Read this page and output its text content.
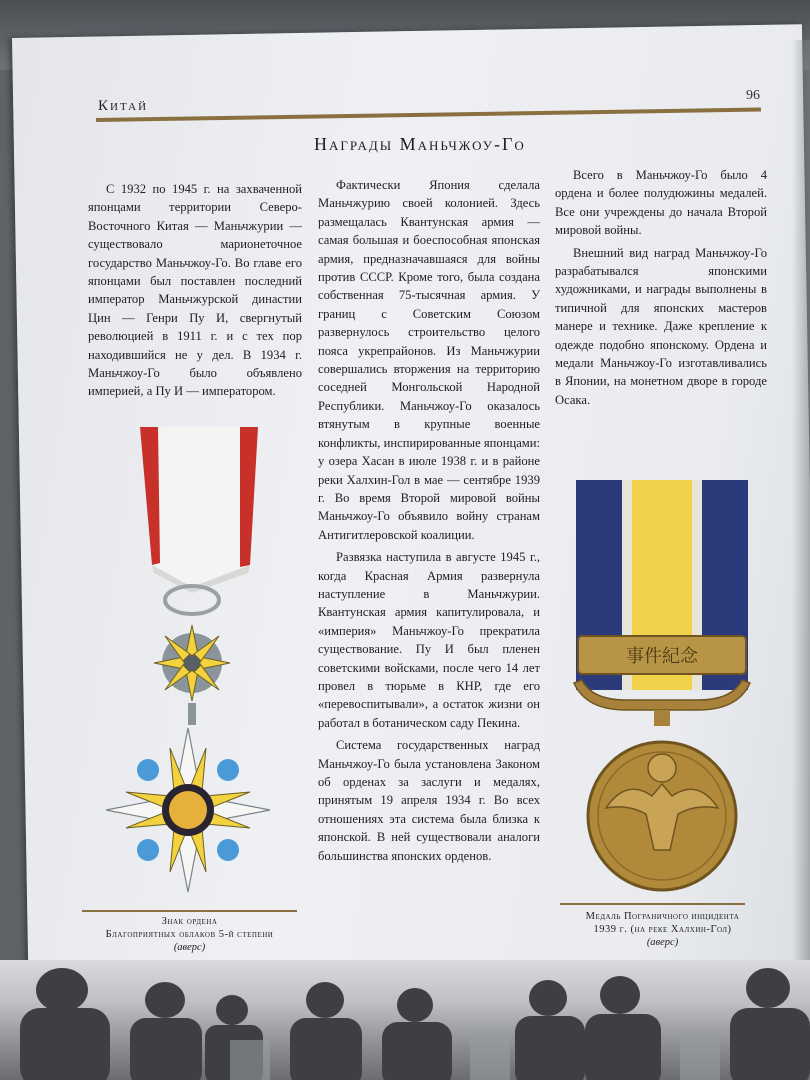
Китай
96
Награды Маньчжоу-Го

С 1932 по 1945 г. на захваченной японцами территории Северо-Восточного Китая — Маньчжурии — существовало марионеточное государство Маньчжоу-Го. Во главе его японцами был поставлен последний император Маньчжурской династии Цин — Генри Пу И, свергнутый революцией в 1911 г. и с тех пор находившийся не у дел. В 1934 г. Маньчжоу-Го было объявлено империей, а Пу И — императором.

Фактически Япония сделала Маньчжурию своей колонией. Здесь размещалась Квантунская армия — самая большая и боеспособная японская армия, предназначавшаяся для войны против СССР. Кроме того, была создана собственная 75-тысячная армия. У границ с Советским Союзом развернулось строительство целого пояса укрепрайонов. Из Маньчжурии совершались вторжения на территорию соседней Монгольской Народной Республики. Маньчжоу-Го оказалось втянутым в крупные военные конфликты, инспирированные японцами: у озера Хасан в июле 1938 г. и в районе реки Халхин-Гол в мае — сентябре 1939 г. Во время Второй мировой войны Маньчжоу-Го объявило войну странам Антигитлеровской коалиции.

Развязка наступила в августе 1945 г., когда Красная Армия развернула наступление в Маньчжурии. Квантунская армия капитулировала, и «империя» Маньчжоу-Го прекратила существование. Пу И был пленен советскими войсками, после чего 14 лет провел в тюрьме в КНР, где его «перевоспитывали», а остаток жизни он работал в ботаническом саду Пекина.

Система государственных наград Маньчжоу-Го была установлена Законом об орденах за заслуги и медалях, принятым 19 апреля 1934 г. Во всех отношениях эта система была близка к японской. В ней существовали аналоги большинства японских орденов.

Всего в Маньчжоу-Го было 4 ордена и более полудюжины медалей. Все они учреждены до начала Второй мировой войны.

Внешний вид наград Маньчжоу-Го разрабатывался японскими художниками, и награды выполнены в типичной для японских мастеров манере и технике. Даже крепление к одежде подобно японскому. Ордена и медали Маньчжоу-Го изготавливались в Японии, на монетном дворе в городе Осака.

Знак ордена
Благоприятных облаков 5-й степени
(аверс)
事件紀念
Медаль Пограничного инцидента
1939 г. (на реке Халхин-Гол)
(аверс)
